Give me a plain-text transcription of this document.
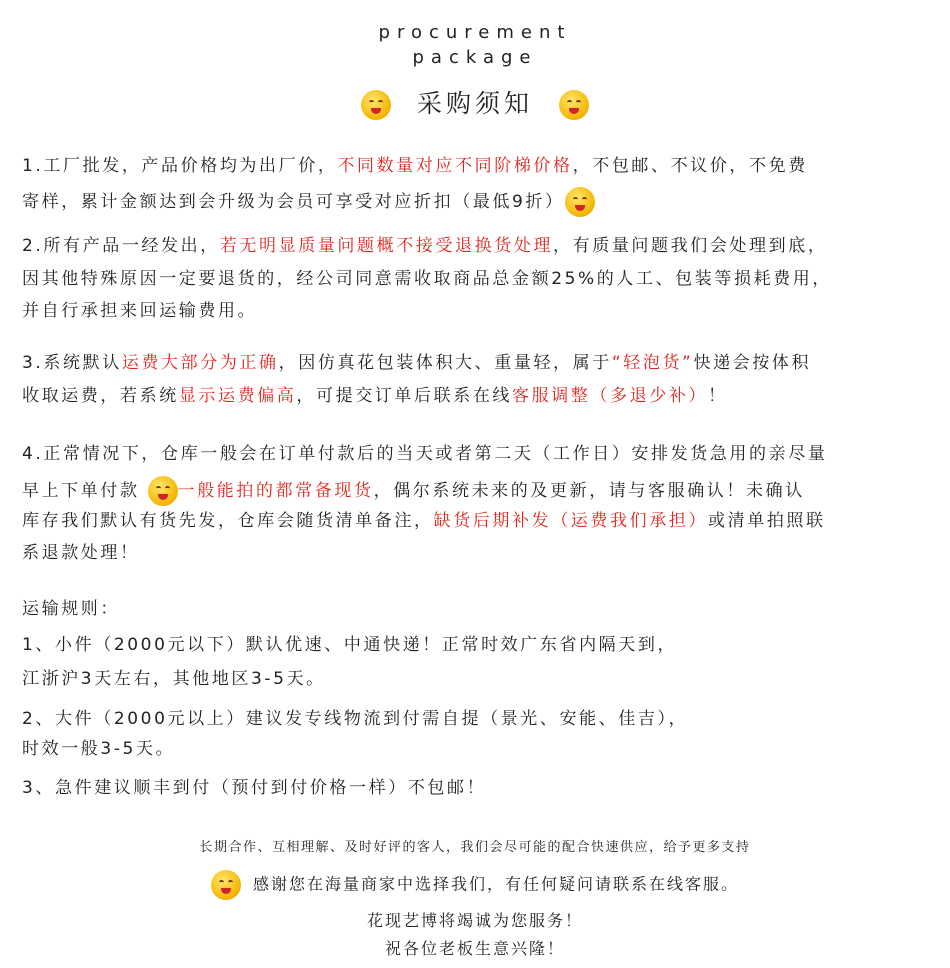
procurement
package
采购须知
1.工厂批发，产品价格均为出厂价，不同数量对应不同阶梯价格，不包邮、不议价，不免费
寄样，累计金额达到会升级为会员可享受对应折扣（最低9折）
2.所有产品一经发出，若无明显质量问题概不接受退换货处理，有质量问题我们会处理到底，
因其他特殊原因一定要退货的，经公司同意需收取商品总金额25%的人工、包装等损耗费用，
并自行承担来回运输费用。
3.系统默认运费大部分为正确，因仿真花包装体积大、重量轻，属于“轻泡货”快递会按体积
收取运费，若系统显示运费偏高，可提交订单后联系在线客服调整（多退少补）！
4.正常情况下，仓库一般会在订单付款后的当天或者第二天（工作日）安排发货急用的亲尽量
早上下单付款
一般能拍的都常备现货，偶尔系统未来的及更新，请与客服确认！未确认
库存我们默认有货先发，仓库会随货清单备注，缺货后期补发（运费我们承担）或清单拍照联
系退款处理！
运输规则：
1、小件（2000元以下）默认优速、中通快递！正常时效广东省内隔天到，
江浙沪3天左右，其他地区3-5天。
2、大件（2000元以上）建议发专线物流到付需自提（景光、安能、佳吉），
时效一般3-5天。
3、急件建议顺丰到付（预付到付价格一样）不包邮！
长期合作、互相理解、及时好评的客人，我们会尽可能的配合快速供应，给予更多支持
感谢您在海量商家中选择我们，有任何疑问请联系在线客服。
花现艺博将竭诚为您服务！
祝各位老板生意兴隆！
